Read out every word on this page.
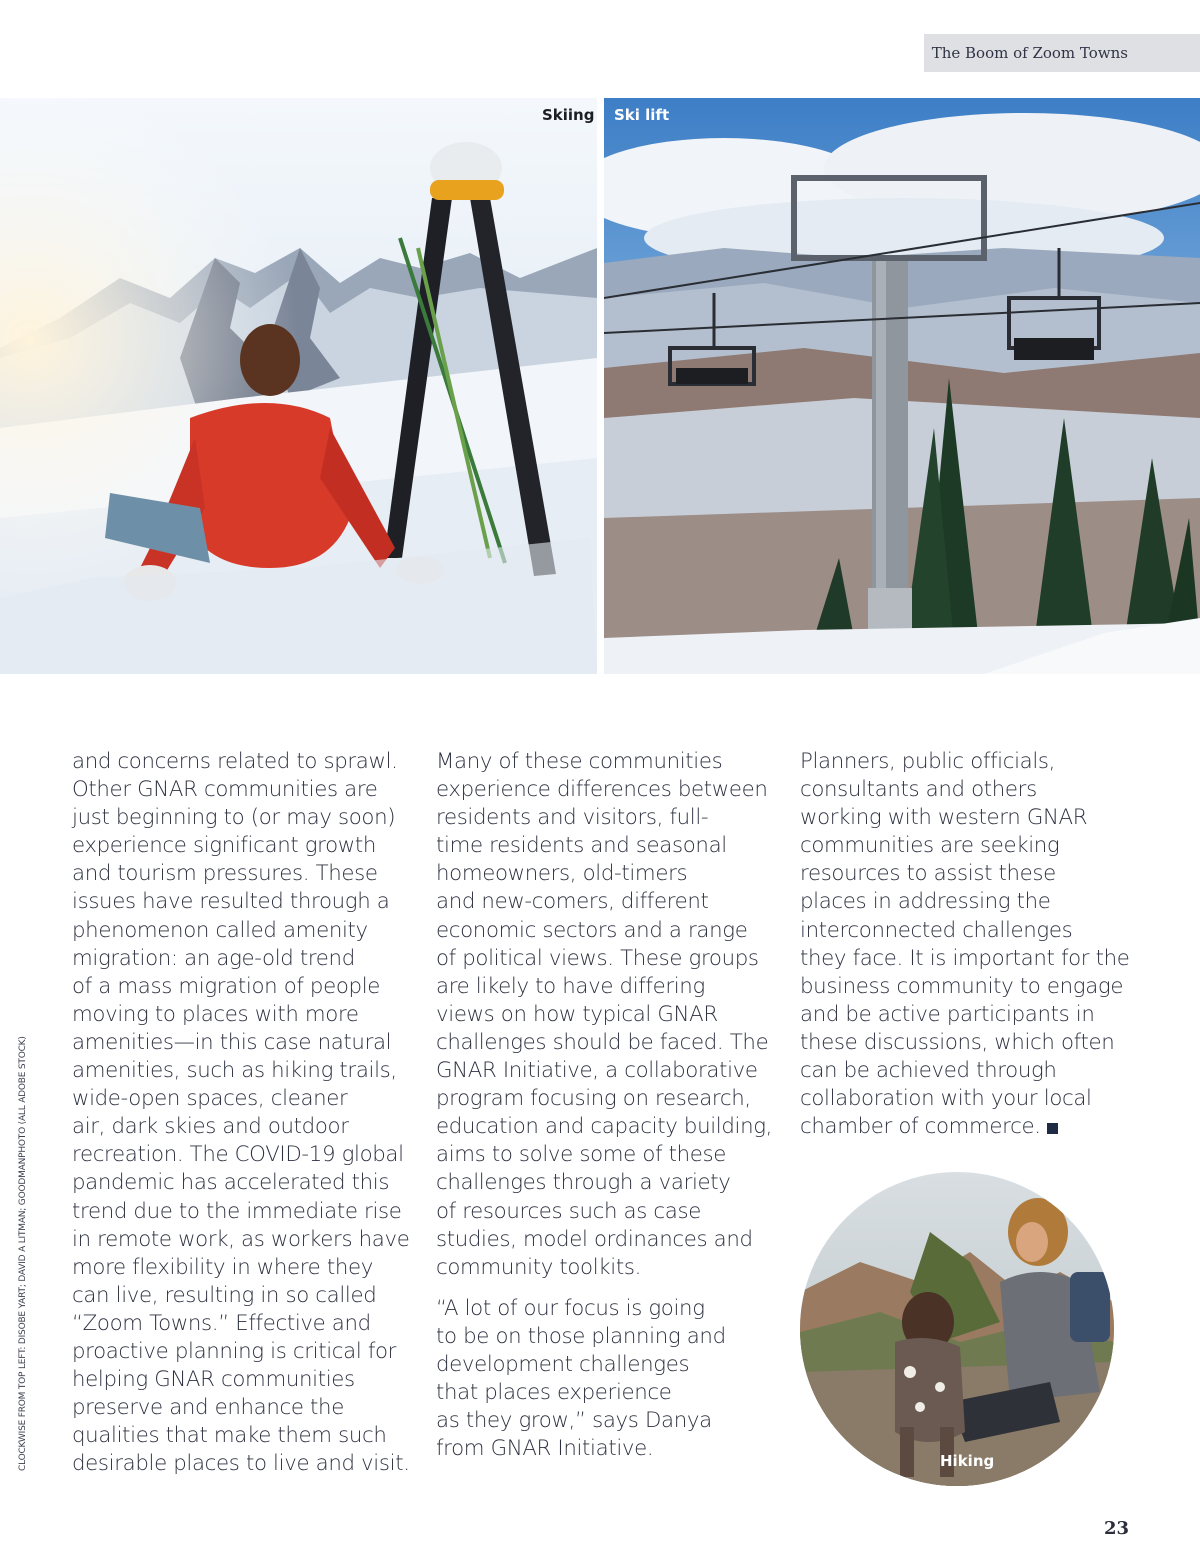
The Boom of Zoom Towns
Skiing Ski lift
CLOCKWISE FROM TOP LEFT: DISOBE YART; DAVID A LITMAN; GOODMANPHOTO (ALL ADOBE STOCK)

and concerns related to sprawl.
Other GNAR communities are
just beginning to (or may soon)
experience significant growth
and tourism pressures. These
issues have resulted through a
phenomenon called amenity
migration: an age-old trend
of a mass migration of people
moving to places with more
amenities—in this case natural
amenities, such as hiking trails,
wide-open spaces, cleaner
air, dark skies and outdoor
recreation. The COVID-19 global
pandemic has accelerated this
trend due to the immediate rise
in remote work, as workers have
more flexibility in where they
can live, resulting in so called
“Zoom Towns.” Effective and
proactive planning is critical for
helping GNAR communities
preserve and enhance the
qualities that make them such
desirable places to live and visit.

Many of these communities
experience differences between
residents and visitors, full-
time residents and seasonal
homeowners, old-timers
and new-comers, different
economic sectors and a range
of political views. These groups
are likely to have differing
views on how typical GNAR
challenges should be faced. The
GNAR Initiative, a collaborative
program focusing on research,
education and capacity building,
aims to solve some of these
challenges through a variety
of resources such as case
studies, model ordinances and
community toolkits.

“A lot of our focus is going
to be on those planning and
development challenges
that places experience
as they grow,” says Danya
from GNAR Initiative.

Planners, public officials,
consultants and others
working with western GNAR
communities are seeking
resources to assist these
places in addressing the
interconnected challenges
they face. It is important for the
business community to engage
and be active participants in
these discussions, which often
can be achieved through
collaboration with your local
chamber of commerce.

Hiking
23
